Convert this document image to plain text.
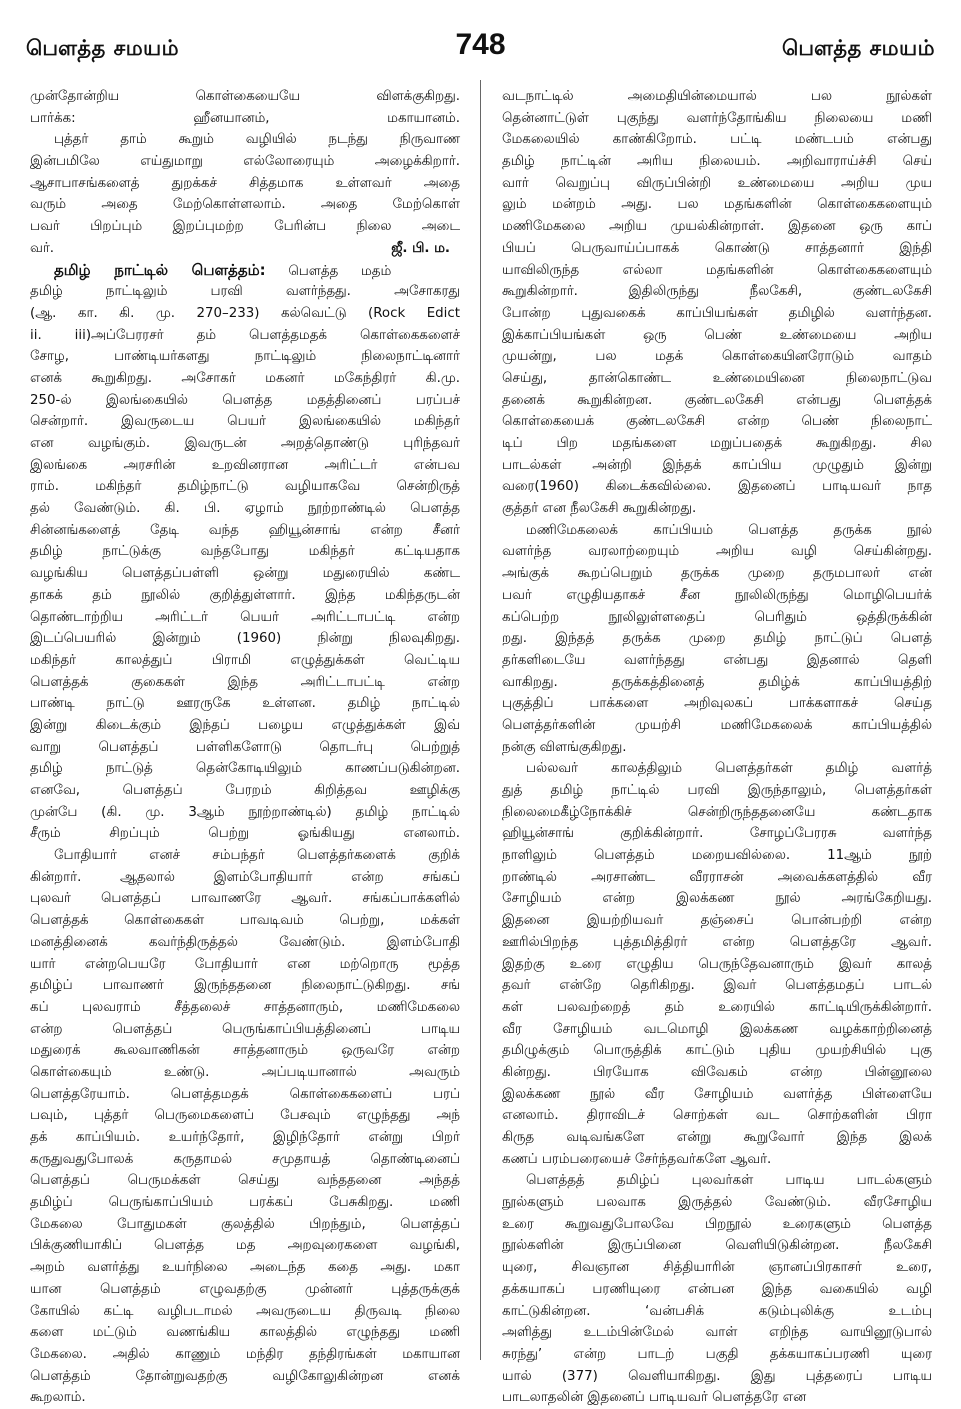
பௌத்த சமயம்	748	பௌத்த சமயம்
முன்தோன்றிய கொள்கையையே விளக்குகிறது.
பார்க்க: ஹீனயானம், மகாயானம்.
புத்தர் தாம் கூறும் வழியில் நடந்து நிருவாண
இன்பமிலே எய்துமாறு எல்லோரையும் அழைக்கிறார்.
ஆசாபாசங்களைத் துறக்கச் சித்தமாக உள்ளவர் அதை
வரும் அதை மேற்கொள்ளலாம். அதை மேற்கொள்
பவர் பிறப்பும் இறப்புமற்ற பேரின்ப நிலை அடை
வர்.	ஜீ. பி. ம.
தமிழ் நாட்டில் பௌத்தம்: பௌத்த மதம்
தமிழ் நாட்டிலும் பரவி வளர்ந்தது. அசோகரது
(ஆ. கா. கி. மு. 270–233) கல்வெட்டு (Rock Edict
ii. iii)அப்பேரரசர் தம் பௌத்தமதக் கொள்கைகளைச்
சோழ, பாண்டியர்களது நாட்டிலும் நிலைநாட்டினார்
எனக் கூறுகிறது. அசோகர் மகனர் மகேந்திரர் கி.மு.
250-ல் இலங்கையில் பௌத்த மதத்தினைப் பரப்பச்
சென்றார். இவருடைய பெயர் இலங்கையில் மகிந்தர்
என வழங்கும். இவருடன் அறத்தொண்டு புரிந்தவர்
இலங்கை அரசரின் உறவினரான அரிட்டர் என்பவ
ராம். மகிந்தர் தமிழ்நாட்டு வழியாகவே சென்றிருத்
தல் வேண்டும். கி. பி. ஏழாம் நூற்றாண்டில் பௌத்த
சின்னங்களைத் தேடி வந்த ஹியூன்சாங் என்ற சீனர்
தமிழ் நாட்டுக்கு வந்தபோது மகிந்தர் கட்டியதாக
வழங்கிய பௌத்தப்பள்ளி ஒன்று மதுரையில் கண்ட
தாகக் தம் நூலில் குறித்துள்ளார். இந்த மகிந்தருடன்
தொண்டாற்றிய அரிட்டர் பெயர் அரிட்டாபட்டி என்ற
இடப்பெயரில் இன்றும் (1960) நின்று நிலவுகிறது.
மகிந்தர் காலத்துப் பிராமி எழுத்துக்கள் வெட்டிய
பௌத்தக் குகைகள் இந்த அரிட்டாபட்டி என்ற
பாண்டி நாட்டு ஊரருகே உள்ளன. தமிழ் நாட்டில்
இன்று கிடைக்கும் இந்தப் பழைய எழுத்துக்கள் இவ்
வாறு பௌத்தப் பள்ளிகளோடு தொடர்பு பெற்றுத்
தமிழ் நாட்டுத் தென்கோடியிலும் காணப்படுகின்றன.
எனவே, பௌத்தப் பேரறம் கிறித்தவ ஊழிக்கு
முன்பே (கி. மு. 3ஆம் நூற்றாண்டில்) தமிழ் நாட்டில்
சீரும் சிறப்பும் பெற்று ஓங்கியது எனலாம்.
போதியார் எனச் சம்பந்தர் பௌத்தர்களைக் குறிக்
கின்றார். ஆதலால் இளம்போதியார் என்ற சங்கப்
புலவர் பௌத்தப் பாவாணரே ஆவர். சங்கப்பாக்களில்
பௌத்தக் கொள்கைகள் பாவடிவம் பெற்று, மக்கள்
மனத்தினைக் கவர்ந்திருத்தல் வேண்டும். இளம்போதி
யார் என்றபெயரே போதியார் என மற்றொரு மூத்த
தமிழ்ப் பாவாணர் இருந்ததனை நிலைநாட்டுகிறது. சங்
கப் புலவராம் சீத்தலைச் சாத்தனாரும், மணிமேகலை
என்ற பௌத்தப் பெருங்காப்பியத்தினைப் பாடிய
மதுரைக் கூலவாணிகன் சாத்தனாரும் ஒருவரே என்ற
கொள்கையும் உண்டு. அப்படியானால் அவரும்
பௌத்தரேயாம். பௌத்தமதக் கொள்கைகளைப் பரப்
பவும், புத்தர் பெருமைகளைப் பேசவும் எழுந்தது அந்
தக் காப்பியம். உயர்ந்தோர், இழிந்தோர் என்று பிறர்
கருதுவதுபோலக் கருதாமல் சமுதாயத் தொண்டினைப்
பௌத்தப் பெருமக்கள் செய்து வந்ததனை அந்தத்
தமிழ்ப் பெருங்காப்பியம் பரக்கப் பேசுகிறது. மணி
மேகலை போதுமகள் குலத்தில் பிறந்தும், பௌத்தப்
பிக்குணியாகிப் பௌத்த மத அறவுரைகளை வழங்கி,
அறம் வளர்த்து உயர்நிலை அடைந்த கதை அது. மகா
யான பௌத்தம் எழுவதற்கு முன்னர் புத்தருக்குக்
கோயில் கட்டி வழிபடாமல் அவருடைய திருவடி நிலை
களை மட்டும் வணங்கிய காலத்தில் எழுந்தது மணி
மேகலை. அதில் காணும் மந்திர தந்திரங்கள் மகாயான
பௌத்தம் தோன்றுவதற்கு வழிகோலுகின்றன எனக்
கூறலாம்.
வடநாட்டில் அமைதியின்மையால் பல நூல்கள்
தென்னாட்டுள் புகுந்து வளர்ந்தோங்கிய நிலையை மணி
மேகலையில் காண்கிறோம். பட்டி மண்டபம் என்பது
தமிழ் நாட்டின் அரிய நிலையம். அறிவாராய்ச்சி செய்
வார் வெறுப்பு விருப்பின்றி உண்மையை அறிய முய
லும் மன்றம் அது. பல மதங்களின் கொள்கைகளையும்
மணிமேகலை அறிய முயல்கின்றாள். இதனை ஒரு காப்
பியப் பெருவாய்ப்பாகக் கொண்டு சாத்தனார் இந்தி
யாவிலிருந்த எல்லா மதங்களின் கொள்கைகளையும்
கூறுகின்றார். இதிலிருந்து நீலகேசி, குண்டலகேசி
போன்ற புதுவகைக் காப்பியங்கள் தமிழில் வளர்ந்தன.
இக்காப்பியங்கள் ஒரு பெண் உண்மையை அறிய
முயன்று, பல மதக் கொள்கையினரோடும் வாதம்
செய்து, தான்கொண்ட உண்மையினை நிலைநாட்டுவ
தனைக் கூறுகின்றன. குண்டலகேசி என்பது பௌத்தக்
கொள்கையைக் குண்டலகேசி என்ற பெண் நிலைநாட்
டிப் பிற மதங்களை மறுப்பதைக் கூறுகிறது. சில
பாடல்கள் அன்றி இந்தக் காப்பிய முழுதும் இன்று
வரை(1960) கிடைக்கவில்லை. இதனைப் பாடியவர் நாத
குத்தர் என நீலகேசி கூறுகின்றது.
மணிமேகலைக் காப்பியம் பௌத்த தருக்க நூல்
வளர்ந்த வரலாற்றையும் அறிய வழி செய்கின்றது.
அங்குக் கூறப்பெறும் தருக்க முறை தருமபாலர் என்
பவர் எழுதியதாகச் சீன நூலிலிருந்து மொழிபெயர்க்
கப்பெற்ற நூலிலுள்ளதைப் பெரிதும் ஒத்திருக்கின்
றது. இந்தத் தருக்க முறை தமிழ் நாட்டுப் பௌத்
தர்களிடையே வளர்ந்தது என்பது இதனால் தெளி
வாகிறது. தருக்கத்தினைத் தமிழ்க் காப்பியத்திற்
புகுத்திப் பாக்களை அறிவுலகப் பாக்களாகச் செய்த
பௌத்தர்களின் முயற்சி மணிமேகலைக் காப்பியத்தில்
நன்கு விளங்குகிறது.
பல்லவர் காலத்திலும் பௌத்தர்கள் தமிழ் வளர்த்
துத் தமிழ் நாட்டில் பரவி இருந்தாலும், பௌத்தர்கள்
நிலைமைகீழ்நோக்கிச் சென்றிருந்ததனையே கண்டதாக
ஹியூன்சாங் குறிக்கின்றார். சோழப்பேரரசு வளர்ந்த
நாளிலும் பௌத்தம் மறையவில்லை. 11ஆம் நூற்
றாண்டில் அரசாண்ட வீரராசன் அவைக்களத்தில் வீர
சோழியம் என்ற இலக்கண நூல் அரங்கேறியது.
இதனை இயற்றியவர் தஞ்சைப் பொன்பற்றி என்ற
ஊரில்பிறந்த புத்தமித்திரர் என்ற பௌத்தரே ஆவர்.
இதற்கு உரை எழுதிய பெருந்தேவனாரும் இவர் காலத்
தவர் என்றே தெரிகிறது. இவர் பௌத்தமதப் பாடல்
கள் பலவற்றைத் தம் உரையில் காட்டியிருக்கின்றார்.
வீர சோழியம் வடமொழி இலக்கண வழக்காற்றினைத்
தமிழுக்கும் பொருத்திக் காட்டும் புதிய முயற்சியில் புகு
கின்றது. பிரயோக விவேகம் என்ற பின்னூலை
இலக்கண நூல் வீர சோழியம் வளர்த்த பிள்ளையே
எனலாம். திராவிடச் சொற்கள் வட சொற்களின் பிரா
கிருத வடிவங்களே என்று கூறுவோர் இந்த இலக்
கணப் பரம்பரையைச் சேர்ந்தவர்களே ஆவர்.
பௌத்தத் தமிழ்ப் புலவர்கள் பாடிய பாடல்களும்
நூல்களும் பலவாக இருத்தல் வேண்டும். வீரசோழிய
உரை கூறுவதுபோலவே பிறநூல் உரைகளும் பௌத்த
நூல்களின் இருப்பினை வெளியிடுகின்றன. நீலகேசி
யுரை, சிவஞான சித்தியாரின் ஞானப்பிரகாசர் உரை,
தக்கயாகப் பரணியுரை என்பன இந்த வகையில் வழி
காட்டுகின்றன. ‘வன்பசிக் கடும்புலிக்கு உடம்பு
அளித்து உடம்பின்மேல் வாள் எறிந்த வாயினூடுபால்
சுரந்து’ என்ற பாடற் பகுதி தக்கயாகப்பரணி யுரை
யால் (377) வெளியாகிறது. இது புத்தரைப் பாடிய
பாடலாதலின் இதனைப் பாடியவர் பௌத்தரே என
